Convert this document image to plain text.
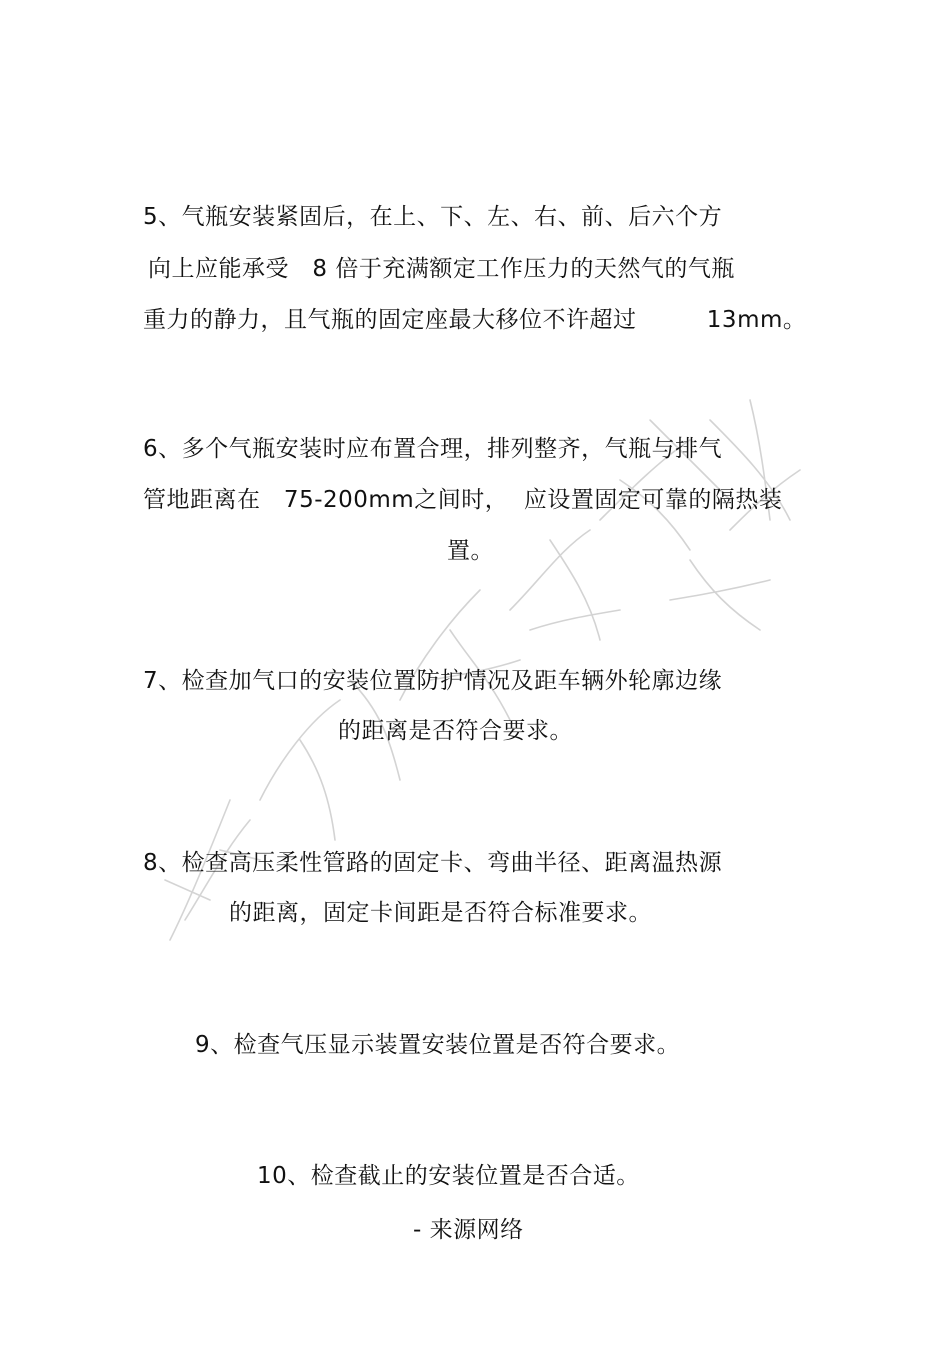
5、气瓶安装紧固后，在上、下、左、右、前、后六个方
向上应能承受   8 倍于充满额定工作压力的天然气的气瓶
重力的静力，且气瓶的固定座最大移位不许超过         13mm。
6、多个气瓶安装时应布置合理，排列整齐，气瓶与排气
管地距离在   75-200mm之间时，  应设置固定可靠的隔热装
置。
7、检查加气口的安装位置防护情况及距车辆外轮廓边缘
的距离是否符合要求。
8、检查高压柔性管路的固定卡、弯曲半径、距离温热源
的距离，固定卡间距是否符合标准要求。
9、检查气压显示装置安装位置是否符合要求。
10、检查截止的安装位置是否合适。
- 来源网络
